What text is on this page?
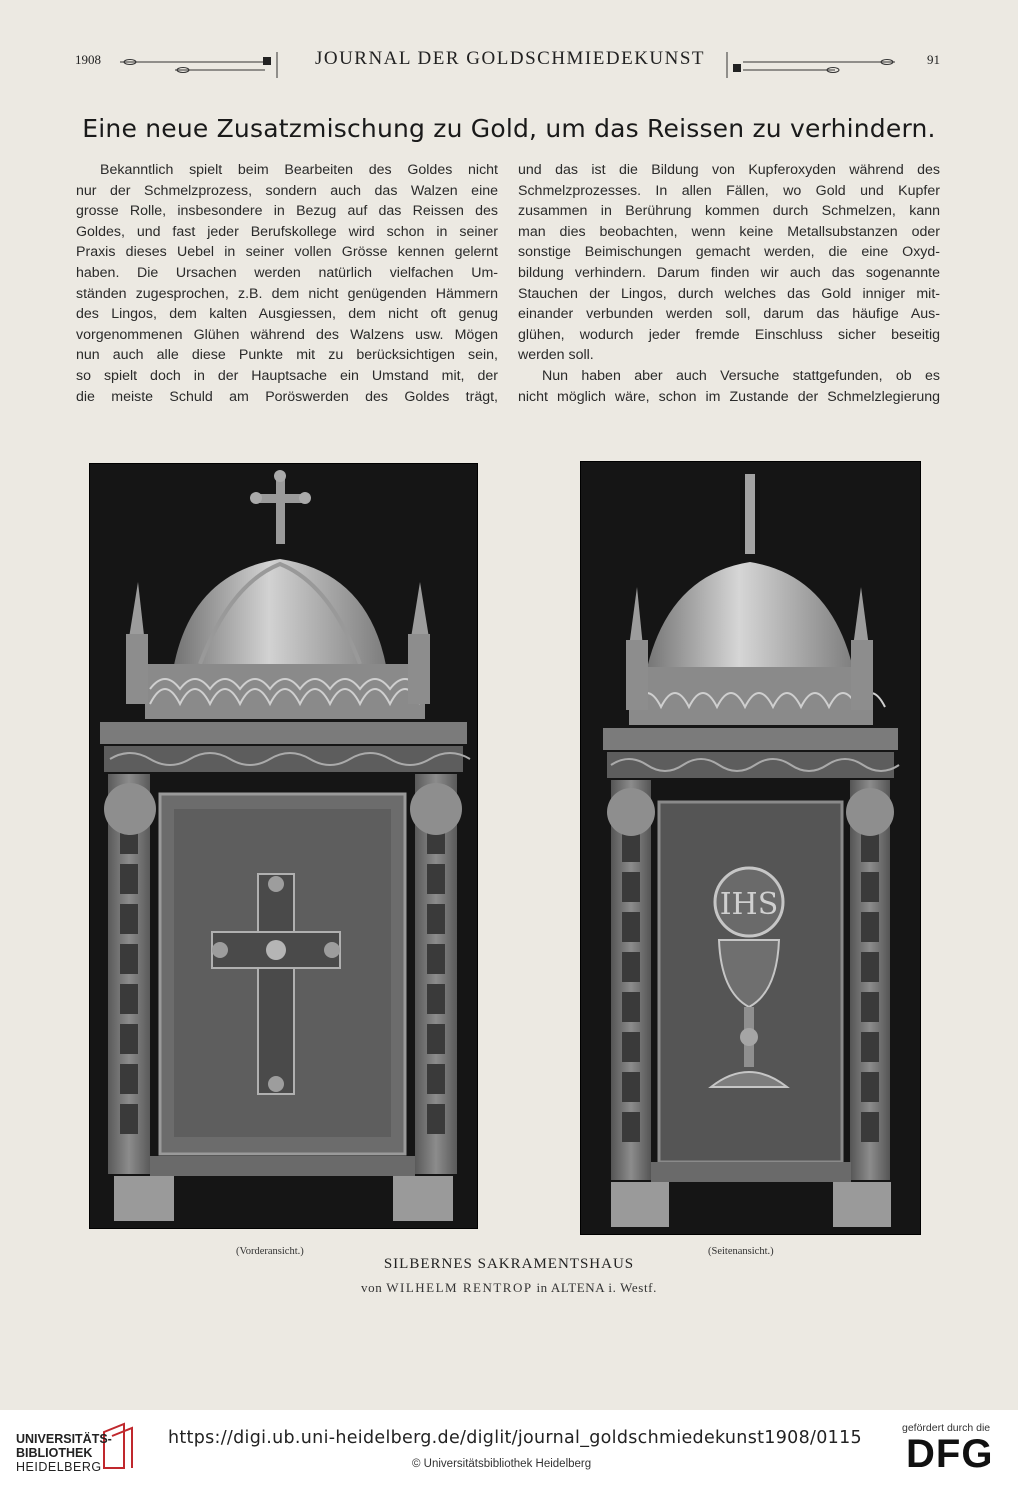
1908	JOURNAL DER GOLDSCHMIEDEKUNST	91
Eine neue Zusatzmischung zu Gold, um das Reissen zu verhindern.
Bekanntlich spielt beim Bearbeiten des Goldes nicht
nur der Schmelzprozess, sondern auch das Walzen eine
grosse Rolle, insbesondere in Bezug auf das Reissen des
Goldes, und fast jeder Berufskollege wird schon in seiner
Praxis dieses Uebel in seiner vollen Grösse kennen gelernt
haben. Die Ursachen werden natürlich vielfachen Um-
ständen zugesprochen, z.B. dem nicht genügenden Hämmern
des Lingos, dem kalten Ausgiessen, dem nicht oft genug
vorgenommenen Glühen während des Walzens usw. Mögen
nun auch alle diese Punkte mit zu berücksichtigen sein,
so spielt doch in der Hauptsache ein Umstand mit, der
die meiste Schuld am Poröswerden des Goldes trägt,
und das ist die Bildung von Kupferoxyden während des
Schmelzprozesses. In allen Fällen, wo Gold und Kupfer
zusammen in Berührung kommen durch Schmelzen, kann
man dies beobachten, wenn keine Metallsubstanzen oder
sonstige Beimischungen gemacht werden, die eine Oxyd-
bildung verhindern. Darum finden wir auch das sogenannte
Stauchen der Lingos, durch welches das Gold inniger mit-
einander verbunden werden soll, darum das häufige Aus-
glühen, wodurch jeder fremde Einschluss sicher beseitig
werden soll.
Nun haben aber auch Versuche stattgefunden, ob es
nicht möglich wäre, schon im Zustande der Schmelzlegierung
IHS
(Vorderansicht.)	(Seitenansicht.)
SILBERNES SAKRAMENTSHAUS
von WILHELM RENTROP in ALTENA i. Westf.
UNIVERSITÄTS-
BIBLIOTHEK
HEIDELBERG
https://digi.ub.uni-heidelberg.de/diglit/journal_goldschmiedekunst1908/0115
© Universitätsbibliothek Heidelberg
gefördert durch die
DFG
